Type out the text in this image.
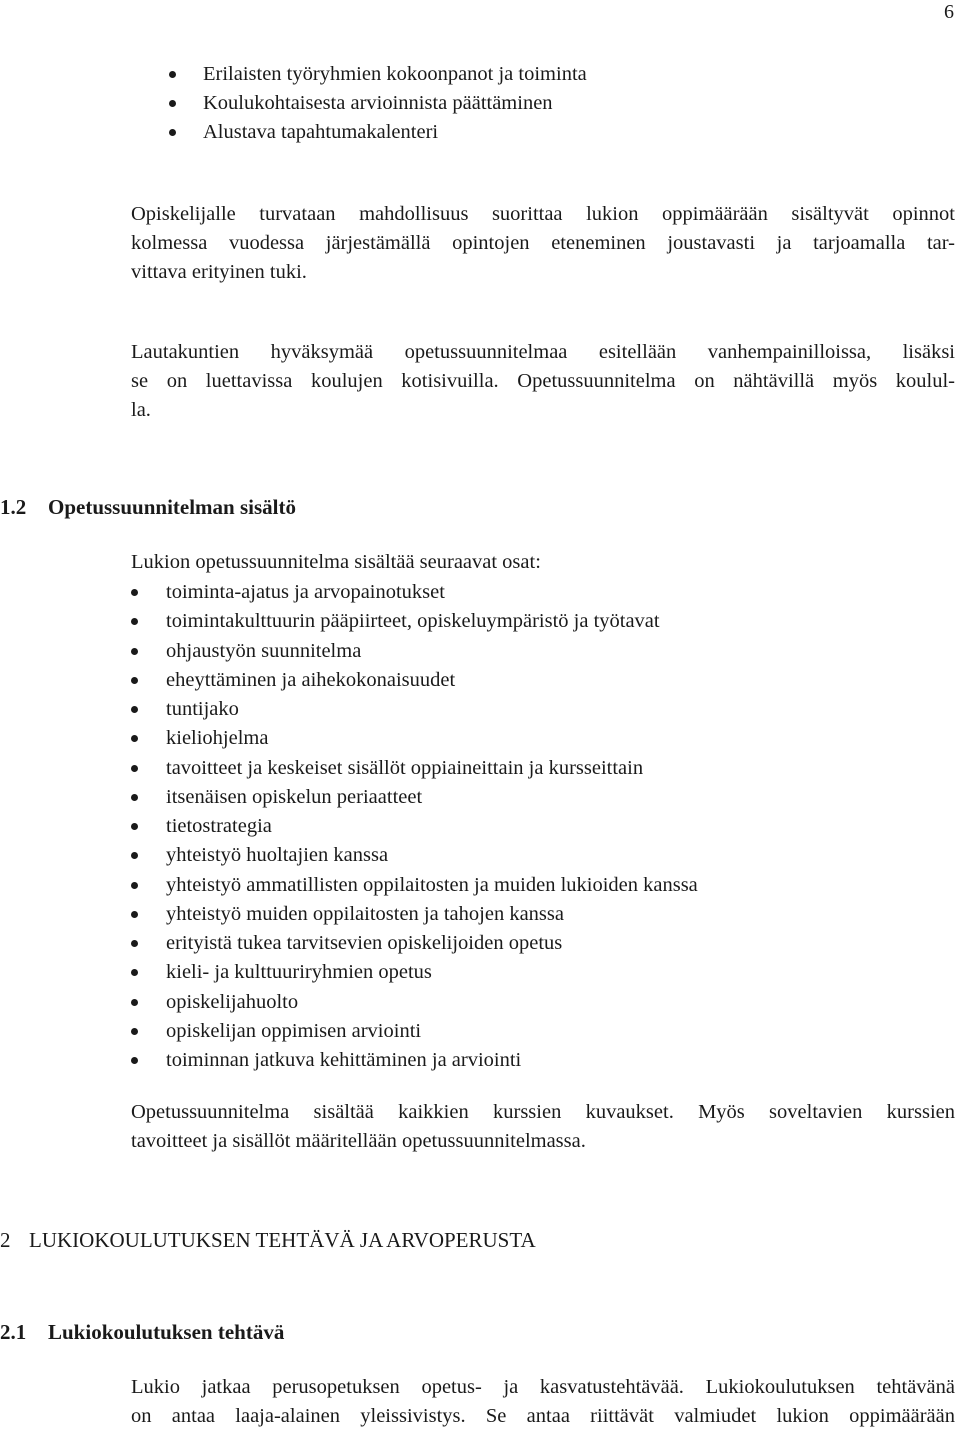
6
Erilaisten työryhmien kokoonpanot ja toiminta
Koulukohtaisesta arvioinnista päättäminen
Alustava tapahtumakalenteri
Opiskelijalle turvataan mahdollisuus suorittaa lukion oppimäärään sisältyvät opinnot
kolmessa vuodessa järjestämällä opintojen eteneminen joustavasti ja tarjoamalla tar-
vittava erityinen tuki.
Lautakuntien hyväksymää opetussuunnitelmaa esitellään vanhempainilloissa, lisäksi
se on luettavissa koulujen kotisivuilla. Opetussuunnitelma on nähtävillä myös koulul-
la.
1.2 Opetussuunnitelman sisältö
Lukion opetussuunnitelma sisältää seuraavat osat:
toiminta-ajatus ja arvopainotukset
toimintakulttuurin pääpiirteet, opiskeluympäristö ja työtavat
ohjaustyön suunnitelma
eheyttäminen ja aihekokonaisuudet
tuntijako
kieliohjelma
tavoitteet ja keskeiset sisällöt oppiaineittain ja kursseittain
itsenäisen opiskelun periaatteet
tietostrategia
yhteistyö huoltajien kanssa
yhteistyö ammatillisten oppilaitosten ja muiden lukioiden kanssa
yhteistyö muiden oppilaitosten ja tahojen kanssa
erityistä tukea tarvitsevien opiskelijoiden opetus
kieli- ja kulttuuriryhmien opetus
opiskelijahuolto
opiskelijan oppimisen arviointi
toiminnan jatkuva kehittäminen ja arviointi
Opetussuunnitelma sisältää kaikkien kurssien kuvaukset. Myös soveltavien kurssien
tavoitteet ja sisällöt määritellään opetussuunnitelmassa.
2 LUKIOKOULUTUKSEN TEHTÄVÄ JA ARVOPERUSTA
2.1 Lukiokoulutuksen tehtävä
Lukio jatkaa perusopetuksen opetus- ja kasvatustehtävää. Lukiokoulutuksen tehtävänä
on antaa laaja-alainen yleissivistys. Se antaa riittävät valmiudet lukion oppimäärään
